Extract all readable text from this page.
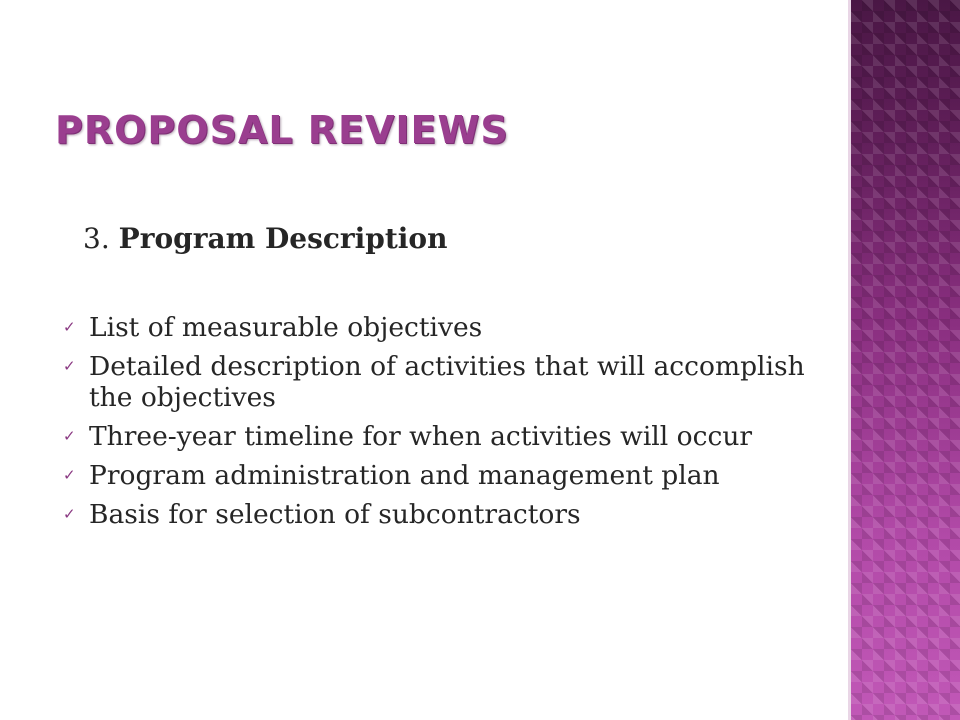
PROPOSAL REVIEWS
3. Program Description
✓ List of measurable objectives
✓ Detailed description of activities that will accomplish the objectives
✓ Three-year timeline for when activities will occur
✓ Program administration and management plan
✓ Basis for selection of subcontractors
